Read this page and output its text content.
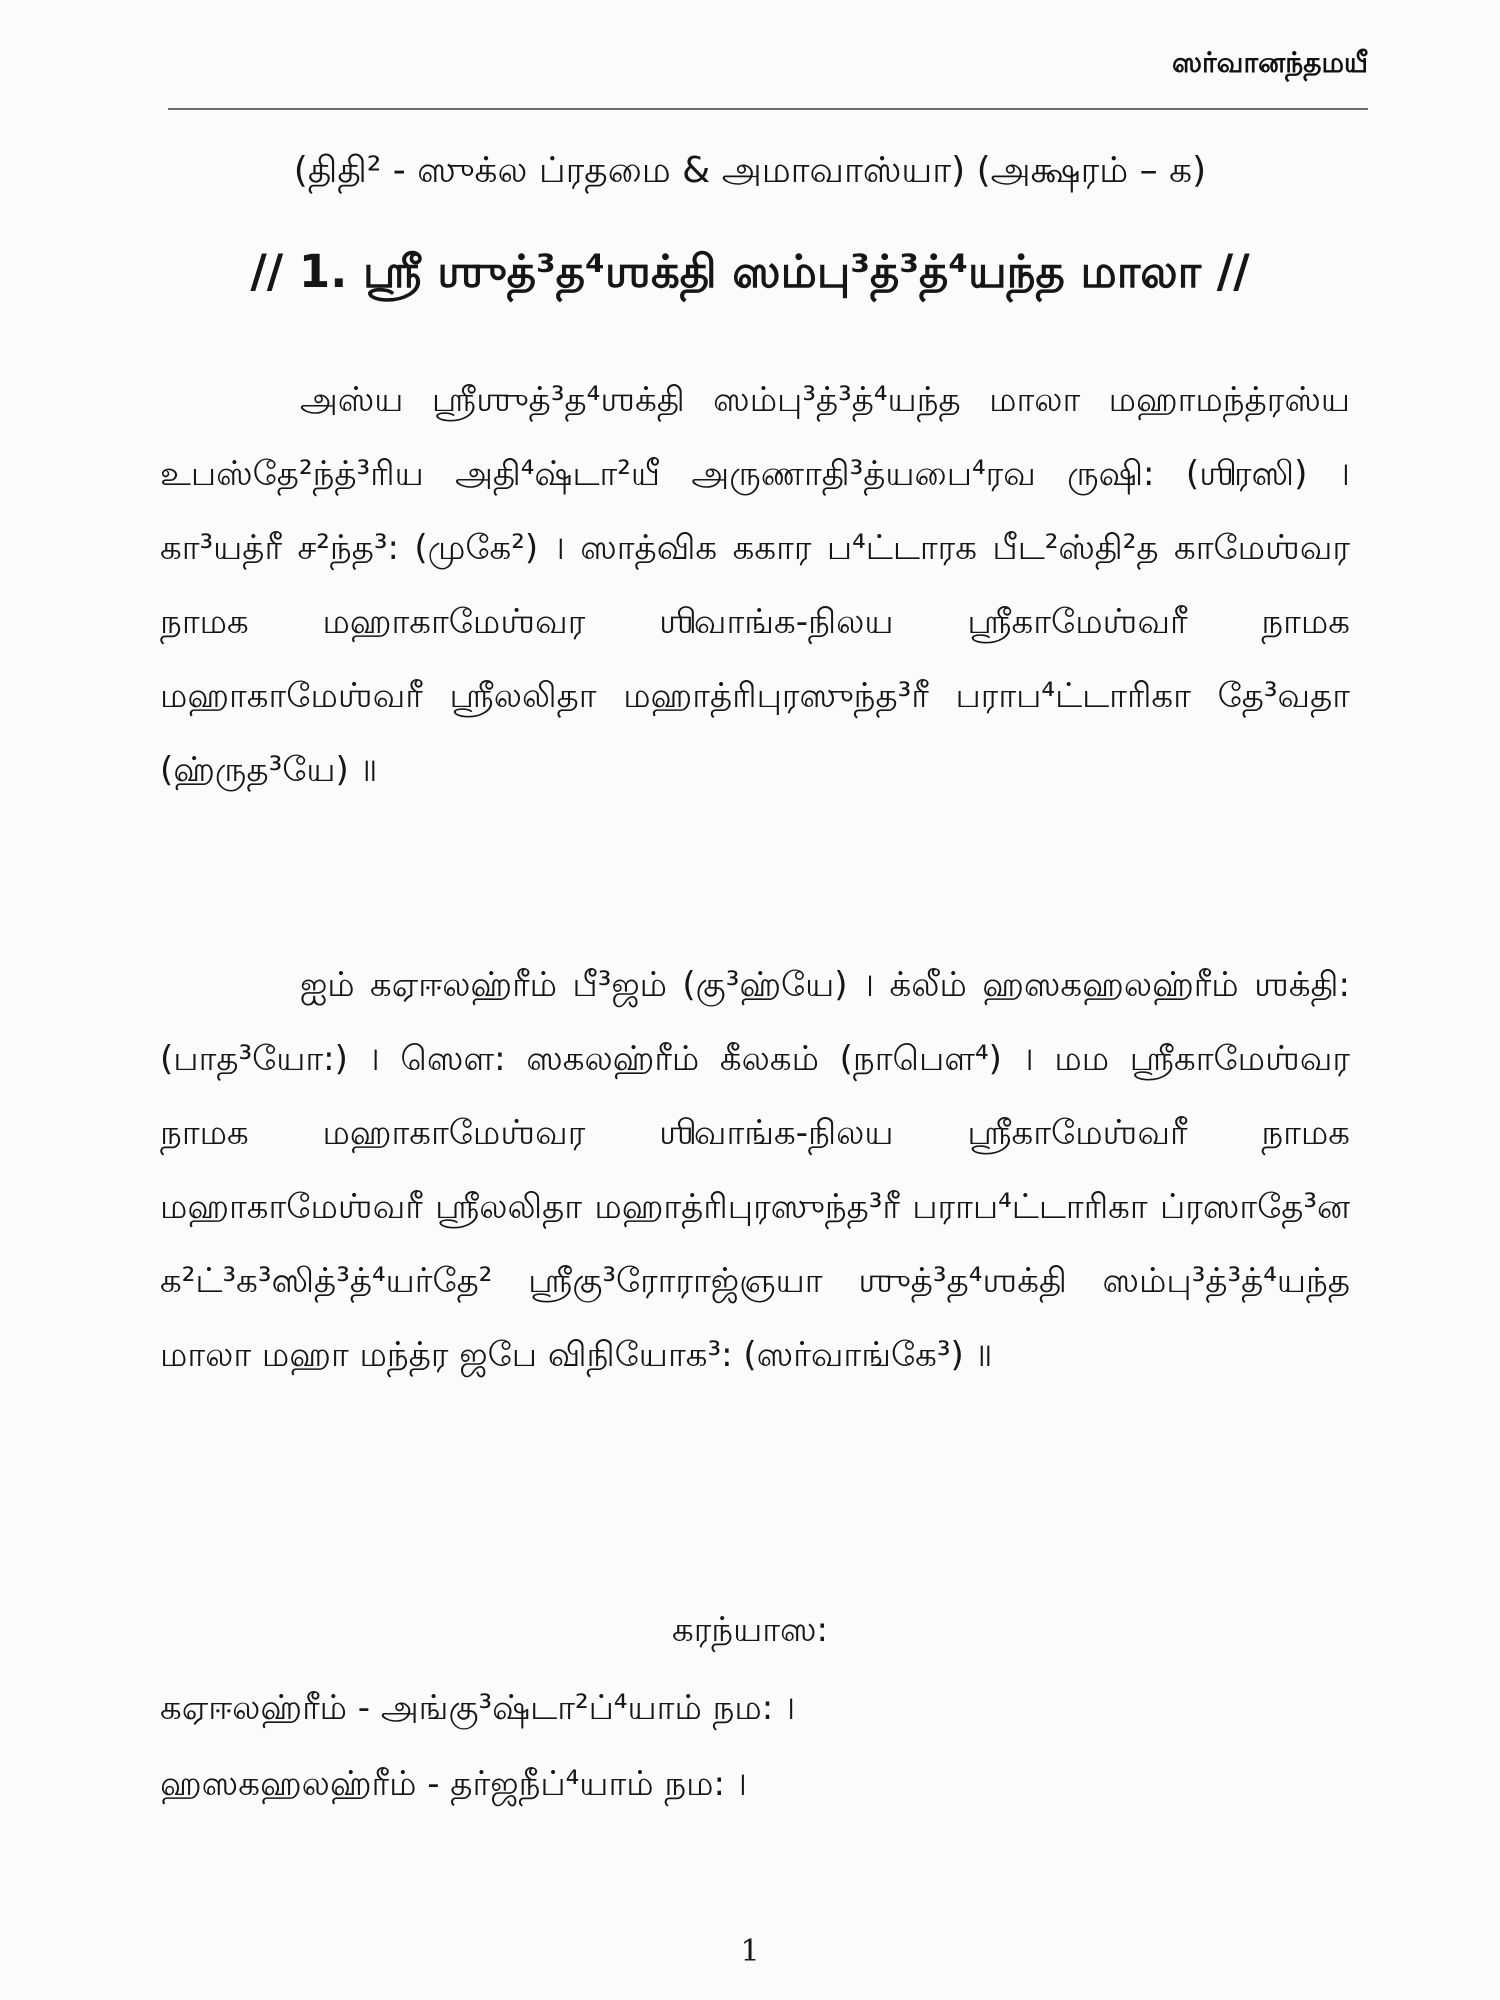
ஸர்வானந்தமயீ
(திதி² - ஸுக்ல ப்ரதமை & அமாவாஸ்யா) (அக்ஷரம் – க)
// 1. ஶ்ரீ ஶுத்³த⁴ஶக்தி ஸம்பு³த்³த்⁴யந்த மாலா //
அஸ்ய ஶ்ரீஶுத்³த⁴ஶக்தி ஸம்பு³த்³த்⁴யந்த மாலா மஹாமந்த்ரஸ்ய உபஸ்தே²ந்த்³ரிய அதி⁴ஷ்டா²யீ அருணாதி³த்யபை⁴ரவ ருஷி꞉ (ஶிரஸி) । கா³யத்ரீ ச²ந்த³꞉ (முகே²) । ஸாத்விக ககார ப⁴ட்டாரக பீட²ஸ்தி²த காமேஶ்வர நாமக மஹாகாமேஶ்வர ஶிவாங்க-நிலய ஶ்ரீகாமேஶ்வரீ நாமக மஹாகாமேஶ்வரீ ஶ்ரீலலிதா மஹாத்ரிபுரஸுந்த³ரீ பராப⁴ட்டாரிகா தே³வதா (ஹ்ருத³யே) ॥
ஐம் கஏஈலஹ்ரீம் பீ³ஜம் (கு³ஹ்யே) । க்லீம் ஹஸகஹலஹ்ரீம் ஶக்தி꞉ (பாத³யோ꞉) । ஸௌ꞉ ஸகலஹ்ரீம் கீலகம் (நாபௌ⁴) । மம ஶ்ரீகாமேஶ்வர நாமக மஹாகாமேஶ்வர ஶிவாங்க-நிலய ஶ்ரீகாமேஶ்வரீ நாமக மஹாகாமேஶ்வரீ ஶ்ரீலலிதா மஹாத்ரிபுரஸுந்த³ரீ பராப⁴ட்டாரிகா ப்ரஸாதே³ன க²ட்³க³ஸித்³த்⁴யர்தே² ஶ்ரீகு³ரோராஜ்ஞயா ஶுத்³த⁴ஶக்தி ஸம்பு³த்³த்⁴யந்த மாலா மஹா மந்த்ர ஜபே விநியோக³꞉ (ஸர்வாங்கே³) ॥
கரந்யாஸ꞉
கஏஈலஹ்ரீம் - அங்கு³ஷ்டா²ப்⁴யாம் நம꞉ ।
ஹஸகஹலஹ்ரீம் - தர்ஜநீப்⁴யாம் நம꞉ ।
1
